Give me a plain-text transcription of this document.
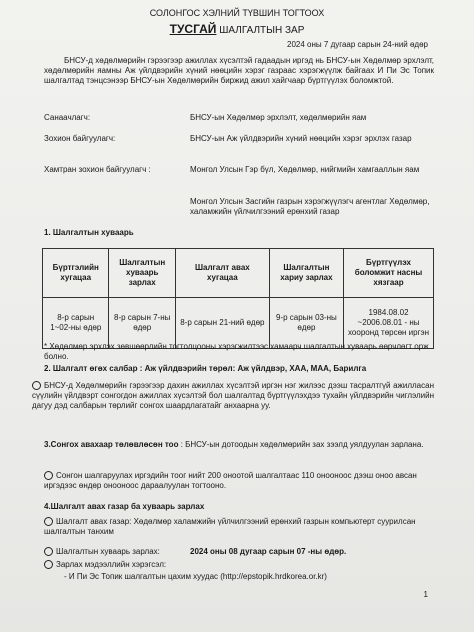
СОЛОНГОС ХЭЛНИЙ ТҮВШИН ТОГТООХ
ТУСГАЙ ШАЛГАЛТЫН ЗАР
2024 оны 7 дугаар сарын 24-ний өдөр
БНСУ-д хөдөлмөрийн гэрээгээр ажиллах хүсэлтэй гадаадын иргэд нь БНСУ-ын Хөдөлмөр эрхлэлт, хөдөлмөрийн яамны Аж үйлдвэрийн хүний нөөцийн хэрэг газраас хэрэгжүүлж байгаах И Пи Эс Топик шалгалтад тэнцсэнээр БНСУ-ын Хөдөлмөрийн биржид ажил хайгчаар бүртгүүлэх боломжтой.
Санаачлагч:	БНСУ-ын Хөдөлмөр эрхлэлт, хөдөлмөрийн яам
Зохион байгуулагч:	БНСУ-ын Аж үйлдвэрийн хүний нөөцийн хэрэг эрхлэх газар
Хамтран зохион байгуулагч :	Монгол Улсын Гэр бүл, Хөдөлмөр, нийгмийн хамгааллын яам
Монгол Улсын Засгийн газрын хэрэгжүүлэгч агентлаг Хөдөлмөр, халамжийн үйлчилгээний ерөнхий газар
1. Шалгалтын хуваарь
Бүртгэлийн хугацаа	Шалгалтын хуваарь зарлах	Шалгалт авах хугацаа	Шалгалтын хариу зарлах	Бүртгүүлэх боломжит насны хязгаар
8-р сарын 1~02-ны өдөр	8-р сарын 7-ны өдөр	8-р сарын 21-ний өдөр	9-р сарын 03-ны өдөр	1984.08.02 ~2006.08.01 - ны хооронд төрсөн иргэн
* Хөдөлмөр эрхлэх зөвшөөрлийн тогтолцооны хэрэгжилтээс хамаарч шалгалтын хуваарь өөрчлөгт орж болно.
2. Шалгалт өгөх салбар : Аж үйлдвэрийн төрөл: Аж үйлдвэр, ХАА, МАА, Барилга
БНСУ-д Хөдөлмөрийн гэрээгээр дахин ажиллах хүсэлтэй иргэн нэг жилээс дээш тасралтгүй ажилласан сүүлийн үйлдвэрт сонгогдон ажиллах хүсэлтэй бол шалгалтад бүртгүүлэхдээ тухайн үйлдвэрийн чиглэлийн дагуу дэд салбарын төрлийг сонгох шаардлагатайг анхаарна уу.
3.Сонгох авахаар төлөвлөсөн тоо : БНСУ-ын дотоодын хөдөлмөрийн зах зээлд уялдуулан зарлана.
Сонгон шалгаруулах иргэдийн тоог нийт 200 оноотой шалгалтаас 110 онооноос дээш оноо авсан иргэдээс өндөр онооноос дараалуулан тогтооно.
4.Шалгалт авах газар ба хуваарь зарлах
Шалгалт авах газар: Хөдөлмөр халамжийн үйлчилгээний ерөнхий газрын компьютерт суурилсан шалгалтын танхим
Шалгалтын хуваарь зарлах:	2024 оны 08 дугаар сарын 07 -ны өдөр.
Зарлах мэдээллийн хэрэгсэл:
- И Пи Эс Топик шалгалтын цахим хуудас (http://epstopik.hrdkorea.or.kr)
1
